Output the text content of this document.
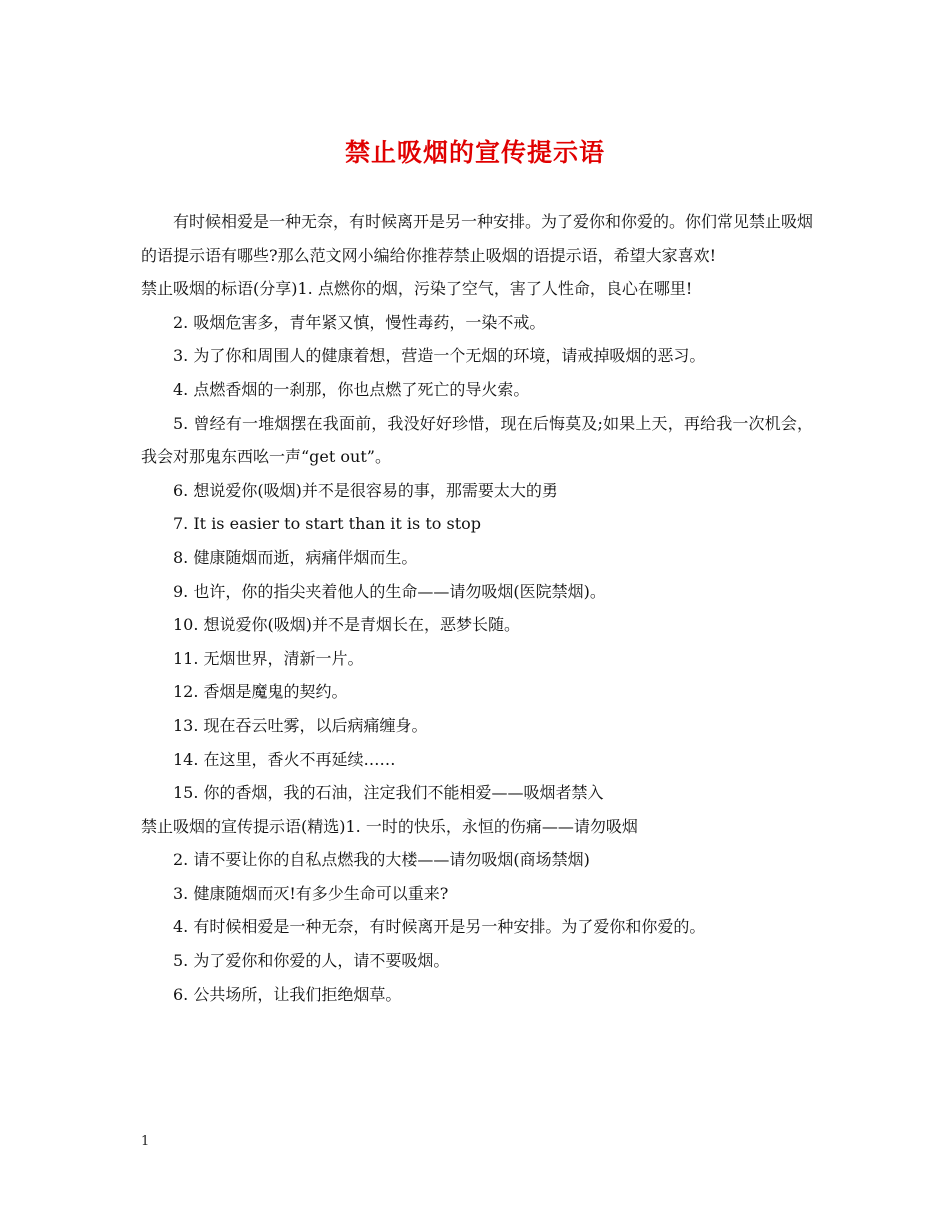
禁止吸烟的宣传提示语

有时候相爱是一种无奈，有时候离开是另一种安排。为了爱你和你爱的。你们常见禁止吸烟的语提示语有哪些?那么范文网小编给你推荐禁止吸烟的语提示语，希望大家喜欢!

禁止吸烟的标语(分享)1. 点燃你的烟，污染了空气，害了人性命，良心在哪里!

2. 吸烟危害多，青年紧又慎，慢性毒药，一染不戒。

3. 为了你和周围人的健康着想，营造一个无烟的环境，请戒掉吸烟的恶习。

4. 点燃香烟的一刹那，你也点燃了死亡的导火索。

5. 曾经有一堆烟摆在我面前，我没好好珍惜，现在后悔莫及;如果上天，再给我一次机会，我会对那鬼东西吆一声“get out”。

6. 想说爱你(吸烟)并不是很容易的事，那需要太大的勇

7. It is easier to start than it is to stop

8. 健康随烟而逝，病痛伴烟而生。

9. 也许，你的指尖夹着他人的生命——请勿吸烟(医院禁烟)。

10. 想说爱你(吸烟)并不是青烟长在，恶梦长随。

11. 无烟世界，清新一片。

12. 香烟是魔鬼的契约。

13. 现在吞云吐雾，以后病痛缠身。

14. 在这里，香火不再延续……

15. 你的香烟，我的石油，注定我们不能相爱——吸烟者禁入

禁止吸烟的宣传提示语(精选)1. 一时的快乐，永恒的伤痛——请勿吸烟

2. 请不要让你的自私点燃我的大楼——请勿吸烟(商场禁烟)

3. 健康随烟而灭!有多少生命可以重来?

4. 有时候相爱是一种无奈，有时候离开是另一种安排。为了爱你和你爱的。

5. 为了爱你和你爱的人，请不要吸烟。

6. 公共场所，让我们拒绝烟草。

1
